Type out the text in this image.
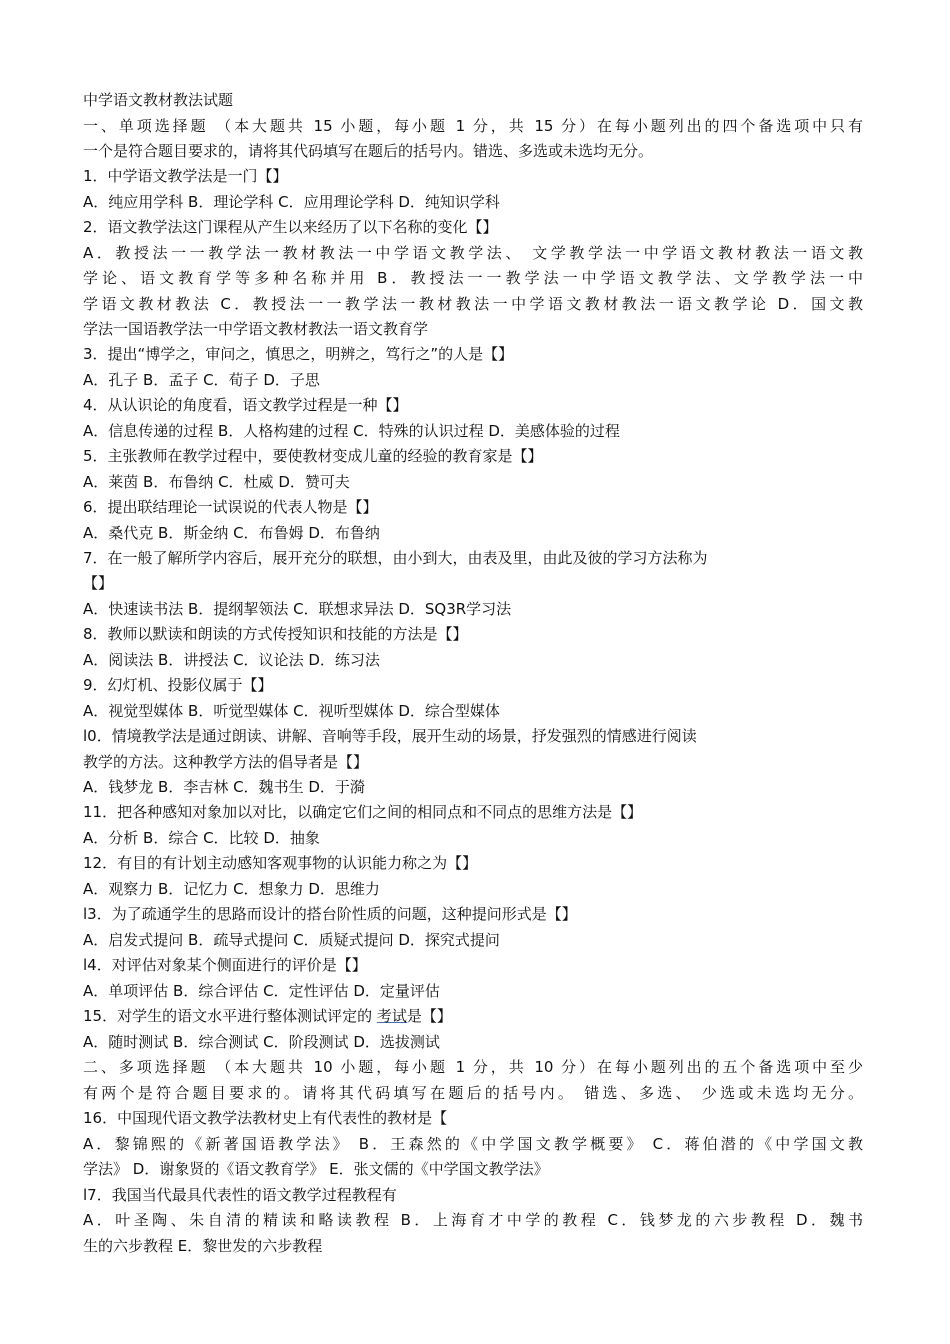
中学语文教材教法试题
一、单项选择题 （本大题共 15 小题，每小题 1 分，共 15 分）在每小题列出的四个备选项中只有
一个是符合题目要求的，请将其代码填写在题后的括号内。错选、多选或未选均无分。
1．中学语文教学法是一门【】
A．纯应用学科 B．理论学科 C．应用理论学科 D．纯知识学科
2．语文教学法这门课程从产生以来经历了以下名称的变化【】
A．教授法一一教学法一教材教法一中学语文教学法、 文学教学法一中学语文教材教法一语文教
学论、语文教育学等多种名称并用 B．教授法一一教学法一中学语文教学法、文学教学法一中
学语文教材教法 C．教授法一一教学法一教材教法一中学语文教材教法一语文教学论 D．国文教
学法一国语教学法一中学语文教材教法一语文教育学
3．提出“博学之，审问之，慎思之，明辨之，笃行之”的人是【】
A．孔子 B．孟子 C．荀子 D．子思
4．从认识论的角度看，语文教学过程是一种【】
A．信息传递的过程 B．人格构建的过程 C．特殊的认识过程 D．美感体验的过程
5．主张教师在教学过程中，要使教材变成儿童的经验的教育家是【】
A．莱茵 B．布鲁纳 C．杜威 D．赞可夫
6．提出联结理论一试误说的代表人物是【】
A．桑代克 B．斯金纳 C．布鲁姆 D．布鲁纳
7．在一般了解所学内容后，展开充分的联想，由小到大，由表及里，由此及彼的学习方法称为
【】
A．快速读书法 B．提纲挈领法 C．联想求异法 D．SQ3R学习法
8．教师以默读和朗读的方式传授知识和技能的方法是【】
A．阅读法 B．讲授法 C．议论法 D．练习法
9．幻灯机、投影仪属于【】
A．视觉型媒体 B．听觉型媒体 C．视听型媒体 D．综合型媒体
l0．情境教学法是通过朗读、讲解、音响等手段，展开生动的场景，抒发强烈的情感进行阅读
教学的方法。这种教学方法的倡导者是【】
A．钱梦龙 B．李吉林 C．魏书生 D．于漪
11．把各种感知对象加以对比，以确定它们之间的相同点和不同点的思维方法是【】
A．分析 B．综合 C．比较 D．抽象
12．有目的有计划主动感知客观事物的认识能力称之为【】
A．观察力 B．记忆力 C．想象力 D．思维力
l3．为了疏通学生的思路而设计的搭台阶性质的问题，这种提问形式是【】
A．启发式提问 B．疏导式提问 C．质疑式提问 D．探究式提问
l4．对评估对象某个侧面进行的评价是【】
A．单项评估 B．综合评估 C．定性评估 D．定量评估
15．对学生的语文水平进行整体测试评定的 考试是【】
A．随时测试 B．综合测试 C．阶段测试 D．选拔测试
二、多项选择题 （本大题共 10 小题，每小题 1 分，共 10 分）在每小题列出的五个备选项中至少
有两个是符合题目要求的。请将其代码填写在题后的括号内。 错选、多选、 少选或未选均无分。
16．中国现代语文教学法教材史上有代表性的教材是【
A．黎锦熙的《新著国语教学法》 B．王森然的《中学国文教学概要》 C．蒋伯潜的《中学国文教
学法》 D．谢象贤的《语文教育学》 E．张文儒的《中学国文教学法》
l7．我国当代最具代表性的语文教学过程教程有
A．叶圣陶、朱自清的精读和略读教程 B．上海育才中学的教程 C．钱梦龙的六步教程 D．魏书
生的六步教程 E．黎世发的六步教程
